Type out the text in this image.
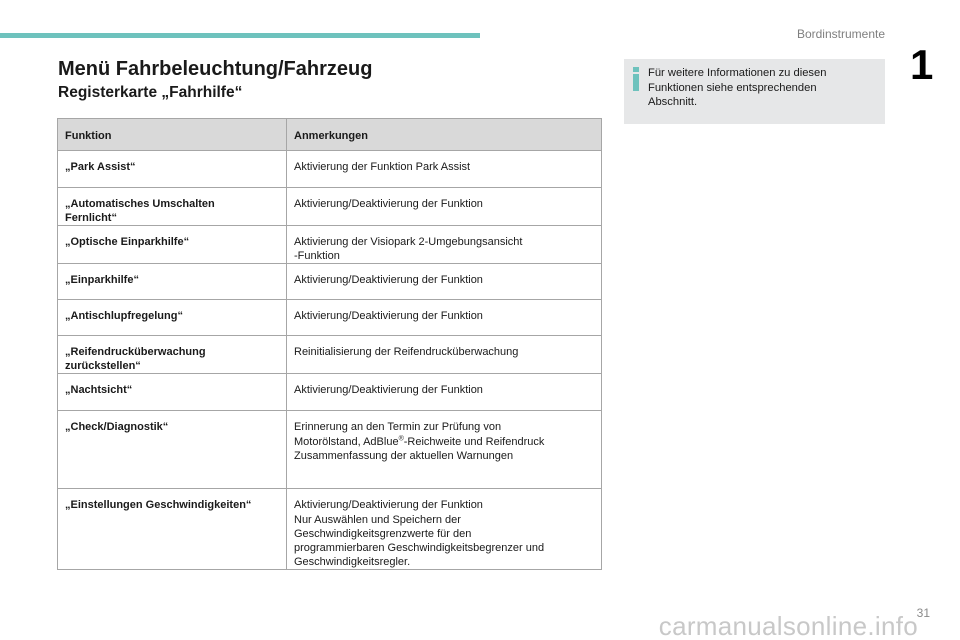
Bordinstrumente
1
Menü Fahrbeleuchtung/Fahrzeug
Registerkarte „Fahrhilfe“
Für weitere Informationen zu diesen
Funktionen siehe entsprechenden
Abschnitt.
Funktion	Anmerkungen

„Park Assist“	Aktivierung der Funktion Park Assist

„Automatisches Umschalten
Fernlicht“	Aktivierung/Deaktivierung der Funktion

„Optische Einparkhilfe“	Aktivierung der Visiopark 2-Umgebungsansicht
-Funktion

„Einparkhilfe“	Aktivierung/Deaktivierung der Funktion

„Antischlupfregelung“	Aktivierung/Deaktivierung der Funktion

„Reifendrucküberwachung
zurückstellen“	Reinitialisierung der Reifendrucküberwachung

„Nachtsicht“	Aktivierung/Deaktivierung der Funktion

„Check/Diagnostik“	Erinnerung an den Termin zur Prüfung von
Motorölstand, AdBlue®-Reichweite und Reifendruck
Zusammenfassung der aktuellen Warnungen

„Einstellungen Geschwindigkeiten“	Aktivierung/Deaktivierung der Funktion
Nur Auswählen und Speichern der
Geschwindigkeitsgrenzwerte für den
programmierbaren Geschwindigkeitsbegrenzer und
Geschwindigkeitsregler.
31
carmanualsonline.info
